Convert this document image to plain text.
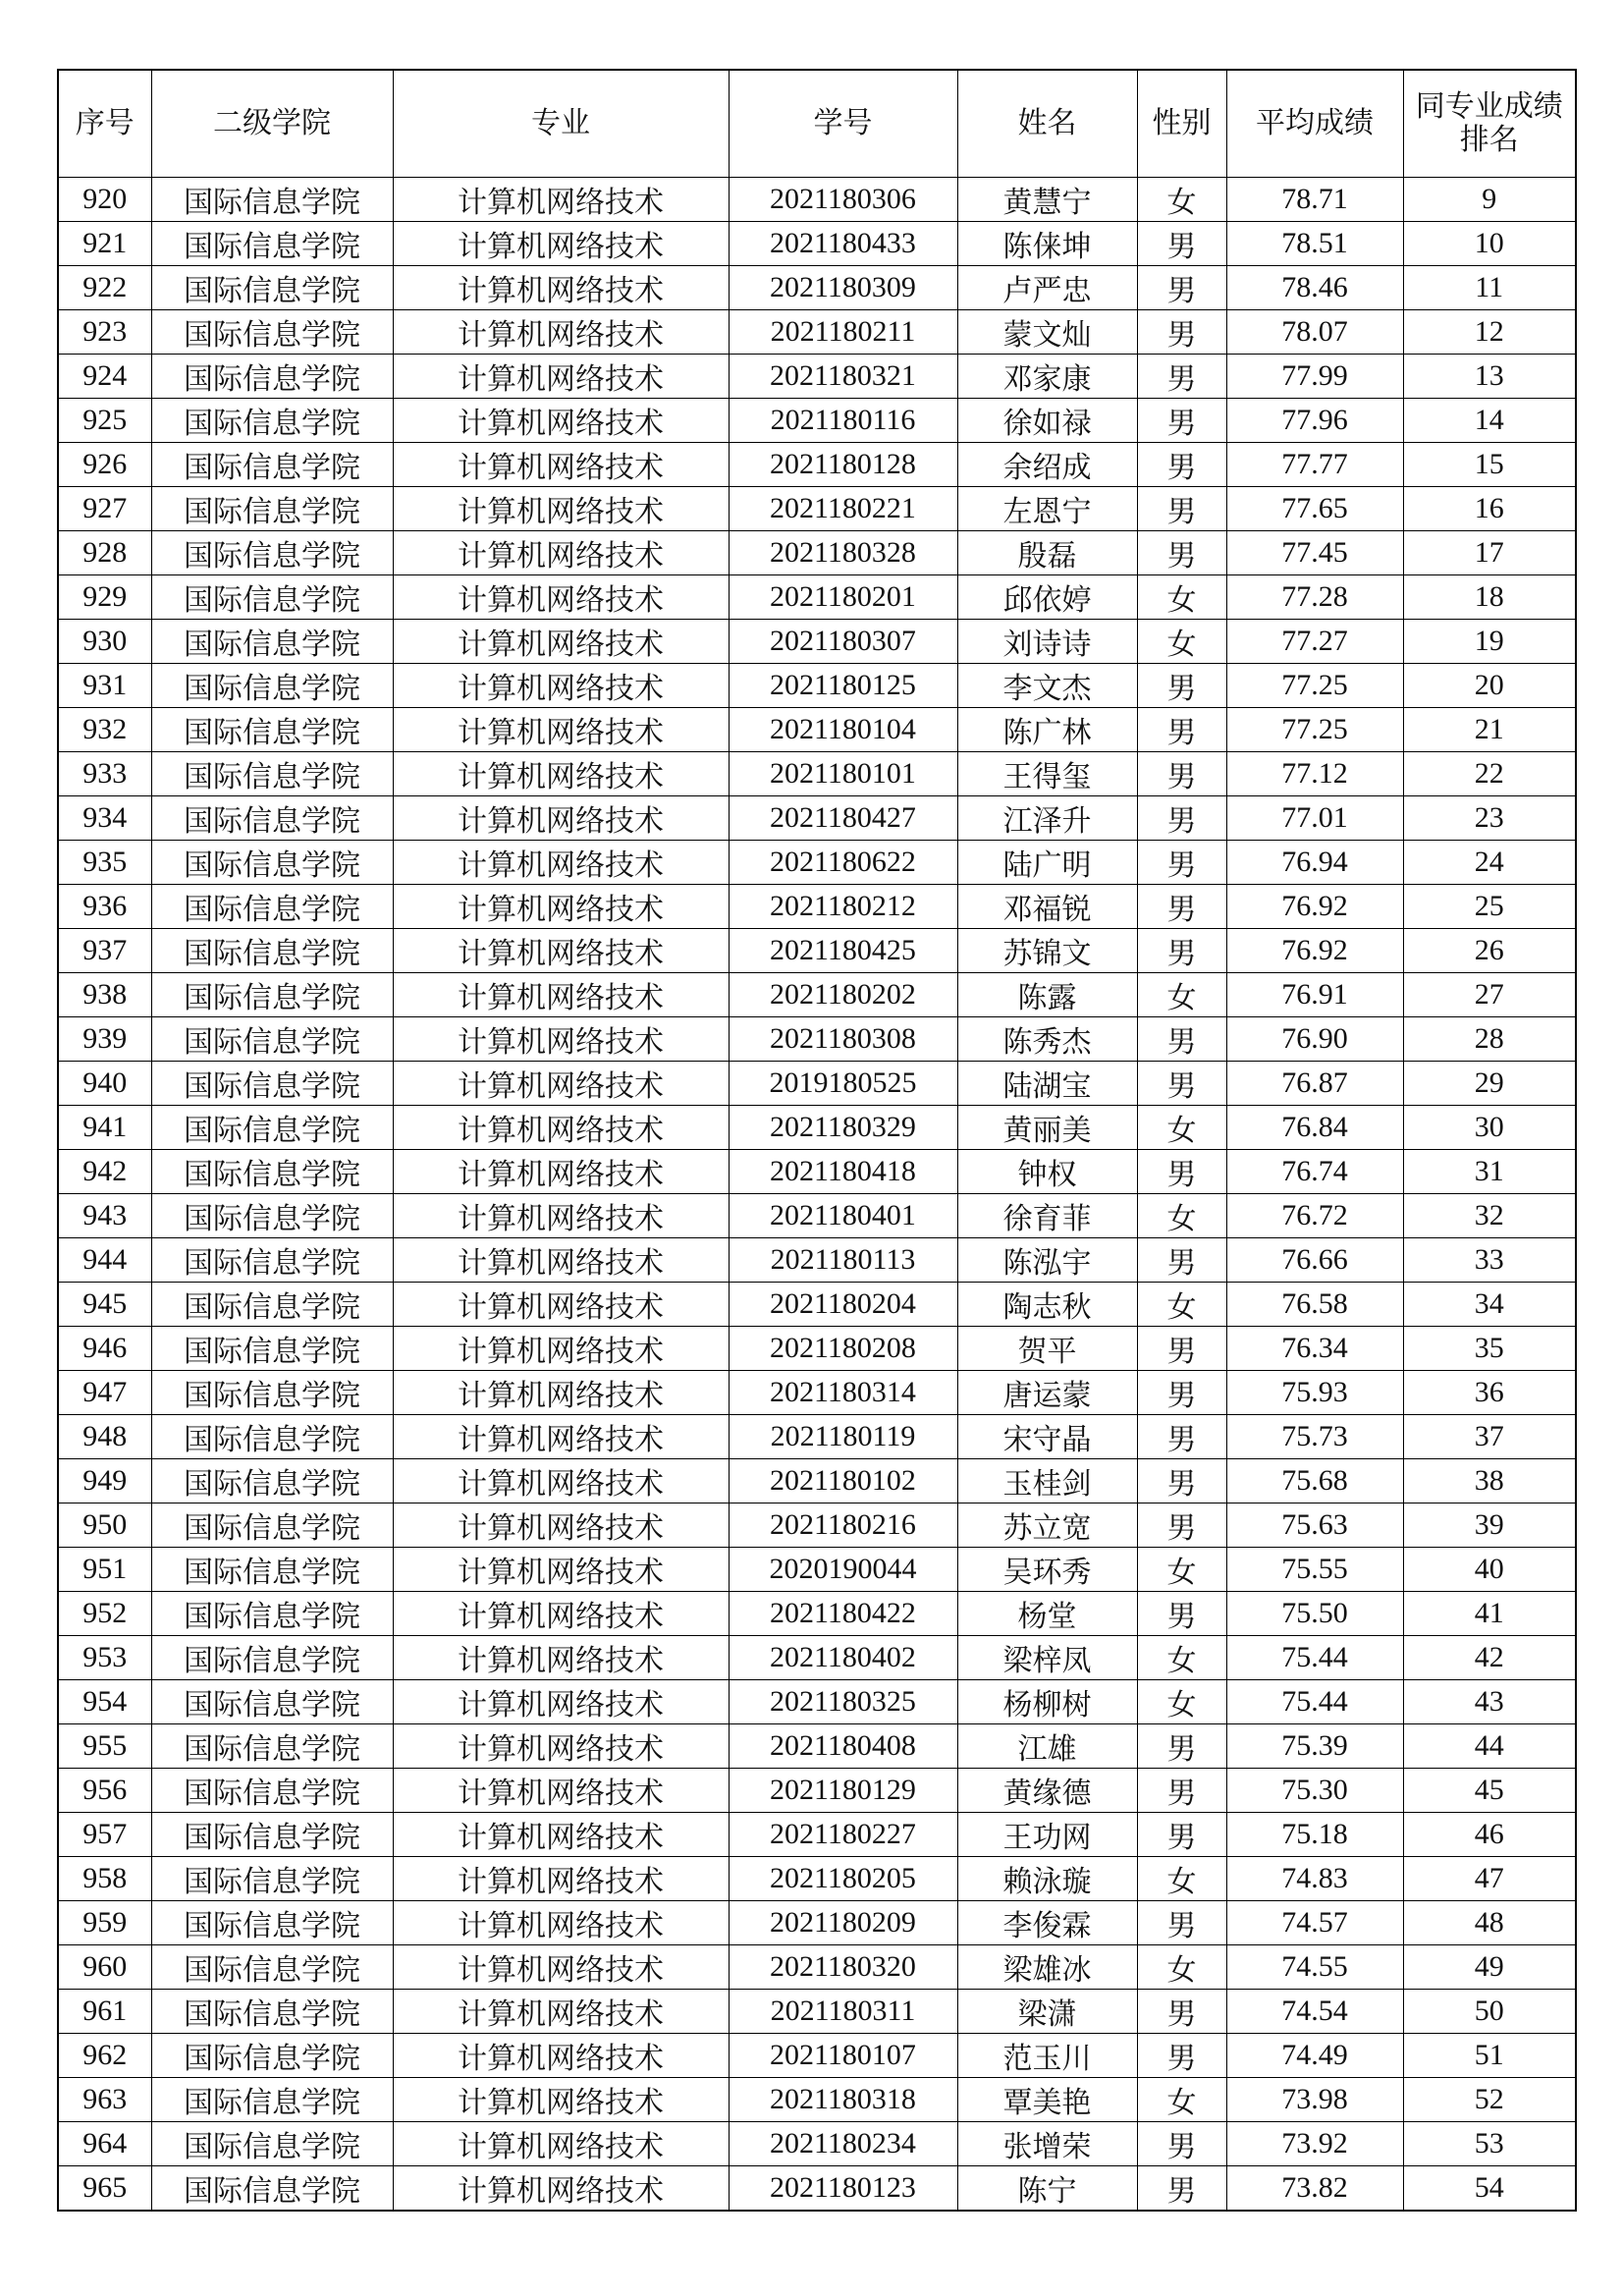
序号	二级学院	专业	学号	姓名	性别	平均成绩	同专业成绩排名
920	国际信息学院	计算机网络技术	2021180306	黄慧宁	女	78.71	9
921	国际信息学院	计算机网络技术	2021180433	陈俫坤	男	78.51	10
922	国际信息学院	计算机网络技术	2021180309	卢严忠	男	78.46	11
923	国际信息学院	计算机网络技术	2021180211	蒙文灿	男	78.07	12
924	国际信息学院	计算机网络技术	2021180321	邓家康	男	77.99	13
925	国际信息学院	计算机网络技术	2021180116	徐如禄	男	77.96	14
926	国际信息学院	计算机网络技术	2021180128	余绍成	男	77.77	15
927	国际信息学院	计算机网络技术	2021180221	左恩宁	男	77.65	16
928	国际信息学院	计算机网络技术	2021180328	殷磊	男	77.45	17
929	国际信息学院	计算机网络技术	2021180201	邱依婷	女	77.28	18
930	国际信息学院	计算机网络技术	2021180307	刘诗诗	女	77.27	19
931	国际信息学院	计算机网络技术	2021180125	李文杰	男	77.25	20
932	国际信息学院	计算机网络技术	2021180104	陈广林	男	77.25	21
933	国际信息学院	计算机网络技术	2021180101	王得玺	男	77.12	22
934	国际信息学院	计算机网络技术	2021180427	江泽升	男	77.01	23
935	国际信息学院	计算机网络技术	2021180622	陆广明	男	76.94	24
936	国际信息学院	计算机网络技术	2021180212	邓福锐	男	76.92	25
937	国际信息学院	计算机网络技术	2021180425	苏锦文	男	76.92	26
938	国际信息学院	计算机网络技术	2021180202	陈露	女	76.91	27
939	国际信息学院	计算机网络技术	2021180308	陈秀杰	男	76.90	28
940	国际信息学院	计算机网络技术	2019180525	陆湖宝	男	76.87	29
941	国际信息学院	计算机网络技术	2021180329	黄丽美	女	76.84	30
942	国际信息学院	计算机网络技术	2021180418	钟权	男	76.74	31
943	国际信息学院	计算机网络技术	2021180401	徐育菲	女	76.72	32
944	国际信息学院	计算机网络技术	2021180113	陈泓宇	男	76.66	33
945	国际信息学院	计算机网络技术	2021180204	陶志秋	女	76.58	34
946	国际信息学院	计算机网络技术	2021180208	贺平	男	76.34	35
947	国际信息学院	计算机网络技术	2021180314	唐运蒙	男	75.93	36
948	国际信息学院	计算机网络技术	2021180119	宋守晶	男	75.73	37
949	国际信息学院	计算机网络技术	2021180102	玉桂剑	男	75.68	38
950	国际信息学院	计算机网络技术	2021180216	苏立宽	男	75.63	39
951	国际信息学院	计算机网络技术	2020190044	吴环秀	女	75.55	40
952	国际信息学院	计算机网络技术	2021180422	杨堂	男	75.50	41
953	国际信息学院	计算机网络技术	2021180402	梁梓凤	女	75.44	42
954	国际信息学院	计算机网络技术	2021180325	杨柳树	女	75.44	43
955	国际信息学院	计算机网络技术	2021180408	江雄	男	75.39	44
956	国际信息学院	计算机网络技术	2021180129	黄缘德	男	75.30	45
957	国际信息学院	计算机网络技术	2021180227	王功网	男	75.18	46
958	国际信息学院	计算机网络技术	2021180205	赖泳璇	女	74.83	47
959	国际信息学院	计算机网络技术	2021180209	李俊霖	男	74.57	48
960	国际信息学院	计算机网络技术	2021180320	梁雄冰	女	74.55	49
961	国际信息学院	计算机网络技术	2021180311	梁潇	男	74.54	50
962	国际信息学院	计算机网络技术	2021180107	范玉川	男	74.49	51
963	国际信息学院	计算机网络技术	2021180318	覃美艳	女	73.98	52
964	国际信息学院	计算机网络技术	2021180234	张增荣	男	73.92	53
965	国际信息学院	计算机网络技术	2021180123	陈宁	男	73.82	54
